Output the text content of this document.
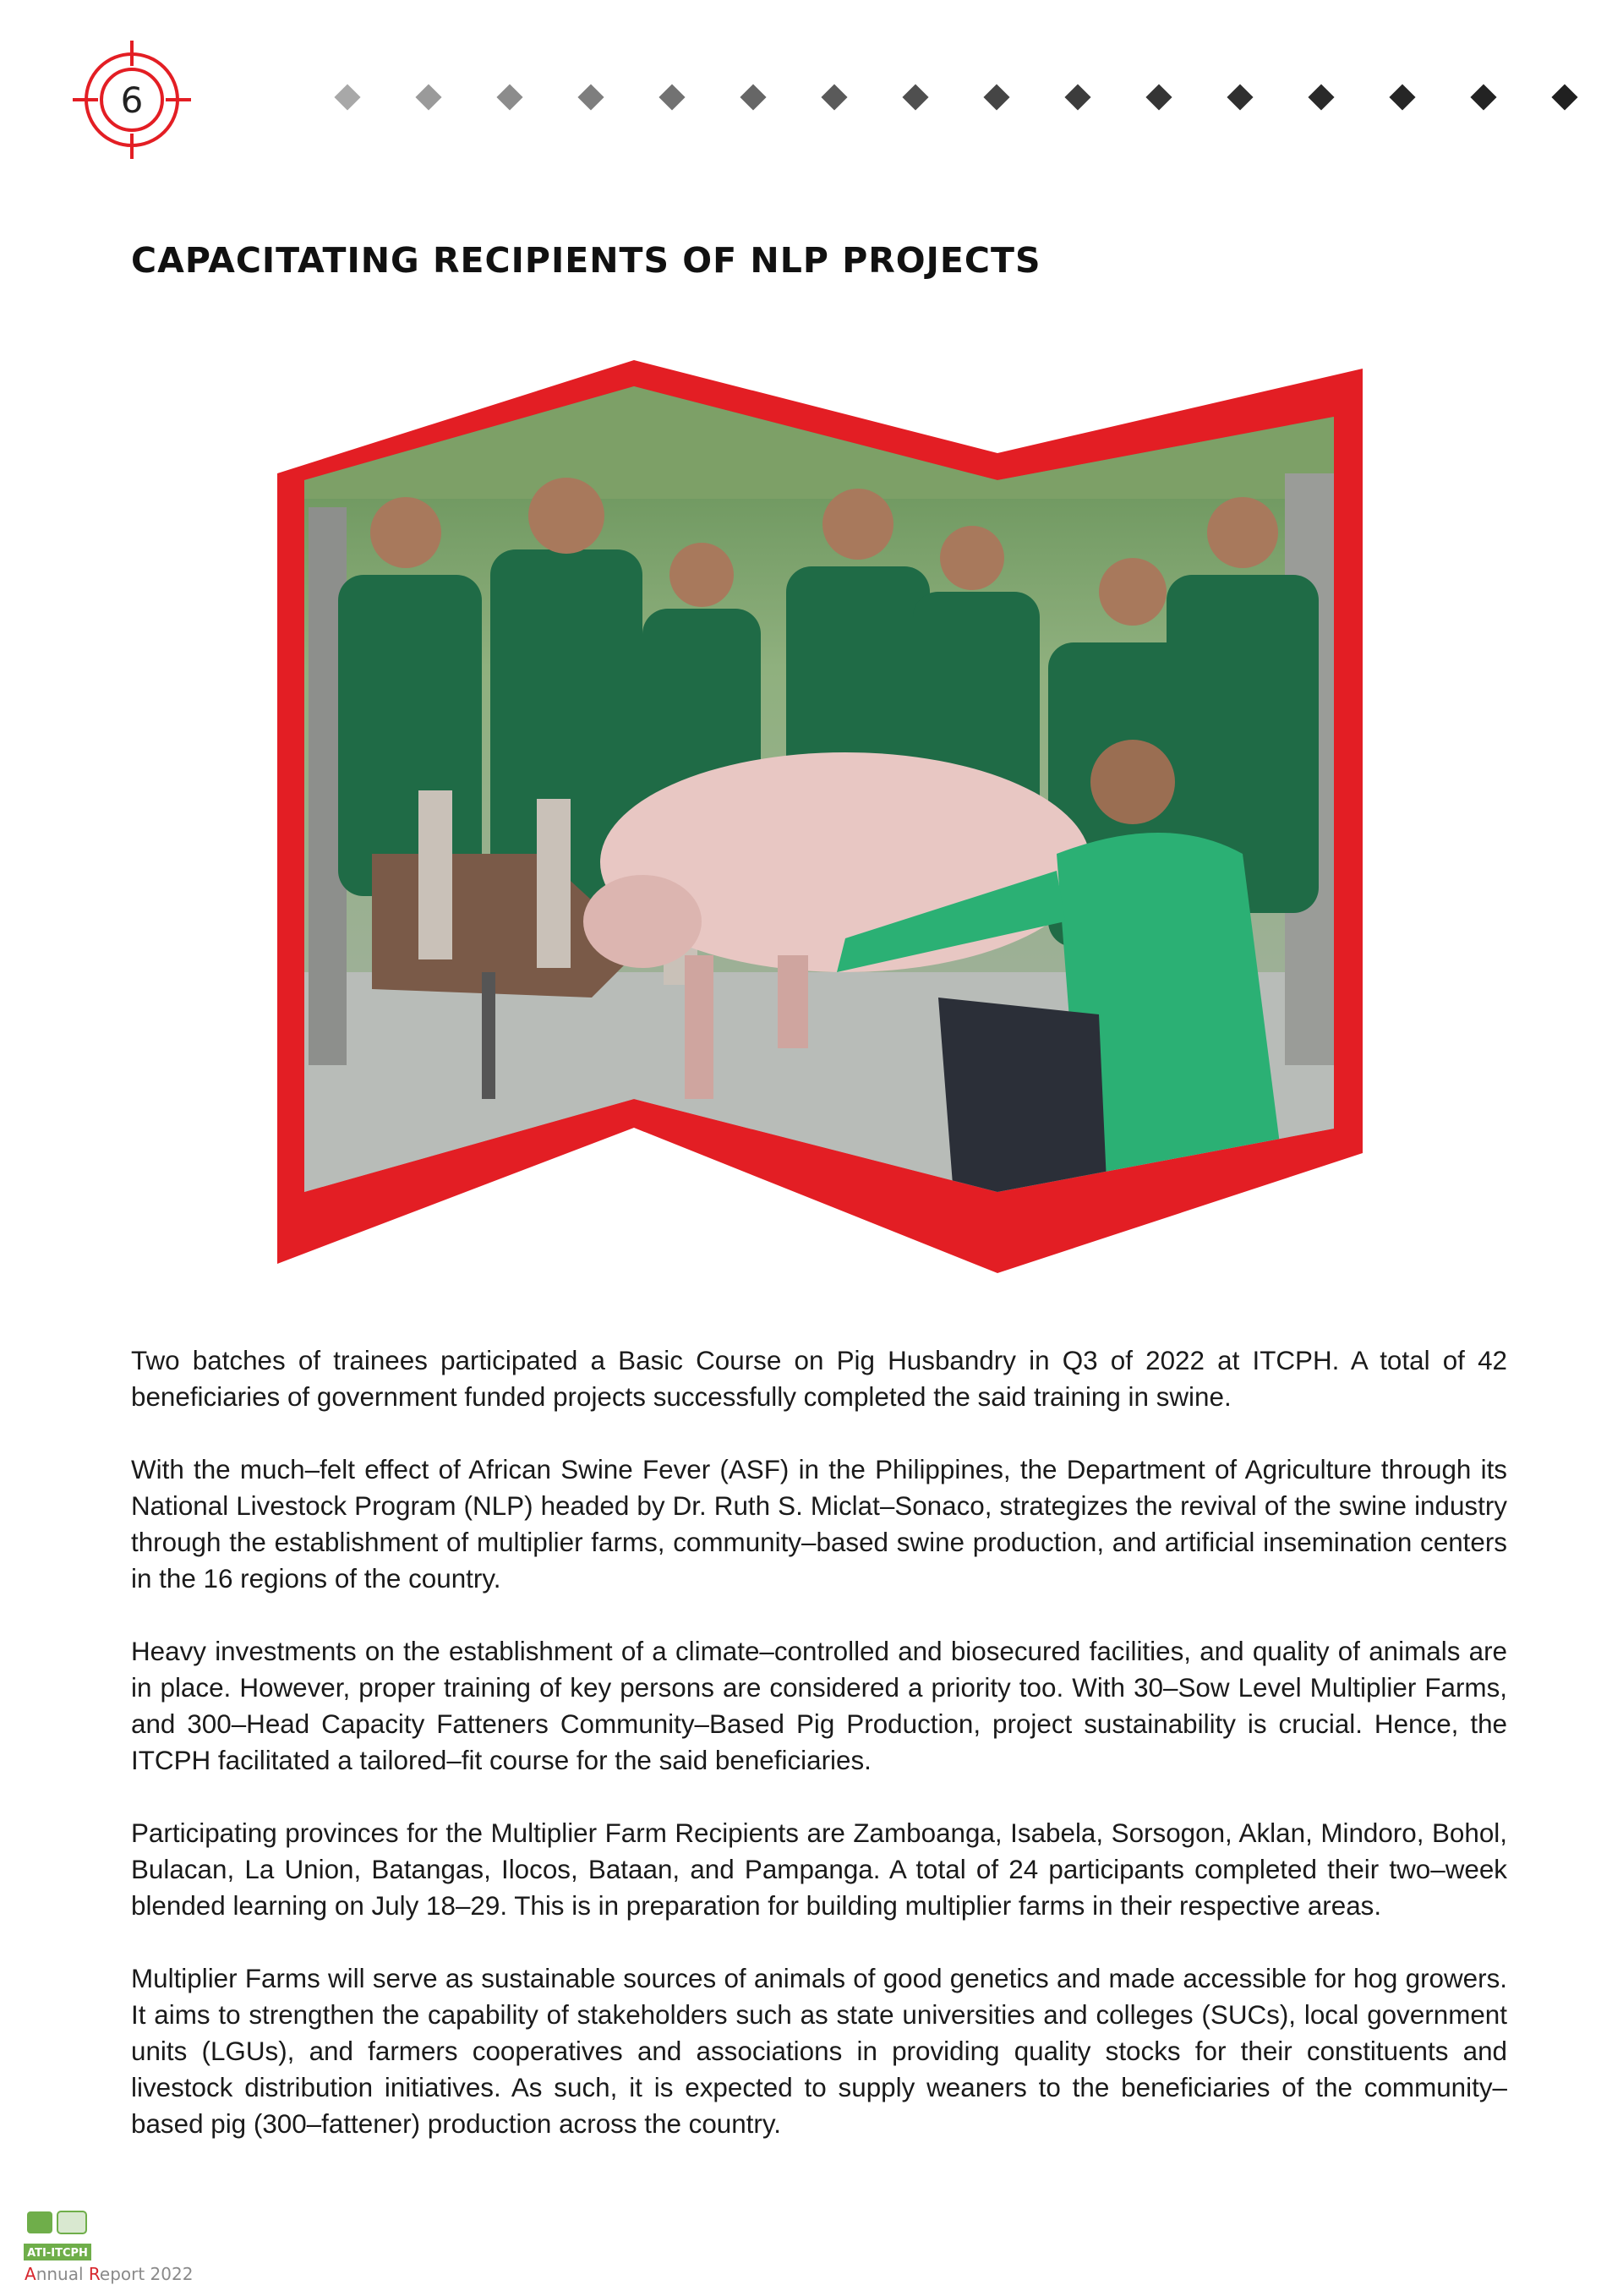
6
CAPACITATING RECIPIENTS OF NLP PROJECTS

Two batches of trainees participated a Basic Course on Pig Husbandry in Q3 of 2022 at ITCPH. A total of 42 beneficiaries of government funded projects successfully completed the said training in swine.

With the much–felt effect of African Swine Fever (ASF) in the Philippines, the Department of Agriculture through its National Livestock Program (NLP) headed by Dr. Ruth S. Miclat–Sonaco, strategizes the revival of the swine industry through the establishment of multiplier farms, community–based swine production, and artificial insemination centers in the 16 regions of the country.

Heavy investments on the establishment of a climate–controlled and biosecured facilities, and quality of animals are in place. However, proper training of key persons are considered a priority too. With 30–Sow Level Multiplier Farms, and 300–Head Capacity Fatteners Community–Based Pig Production, project sustainability is crucial. Hence, the ITCPH facilitated a tailored–fit course for the said beneficiaries.

Participating provinces for the Multiplier Farm Recipients are Zamboanga, Isabela, Sorsogon, Aklan, Mindoro, Bohol, Bulacan, La Union, Batangas, Ilocos, Bataan, and Pampanga. A total of 24 participants completed their two–week blended learning on July 18–29. This is in preparation for building multiplier farms in their respective areas.

Multiplier Farms will serve as sustainable sources of animals of good genetics and made accessible for hog growers. It aims to strengthen the capability of stakeholders such as state universities and colleges (SUCs), local government units (LGUs), and farmers cooperatives and associations in providing quality stocks for their constituents and livestock distribution initiatives. As such, it is expected to supply weaners to the beneficiaries of the community–based pig (300–fattener) production across the country.

Annual Report 2022
ATI-ITCPH
